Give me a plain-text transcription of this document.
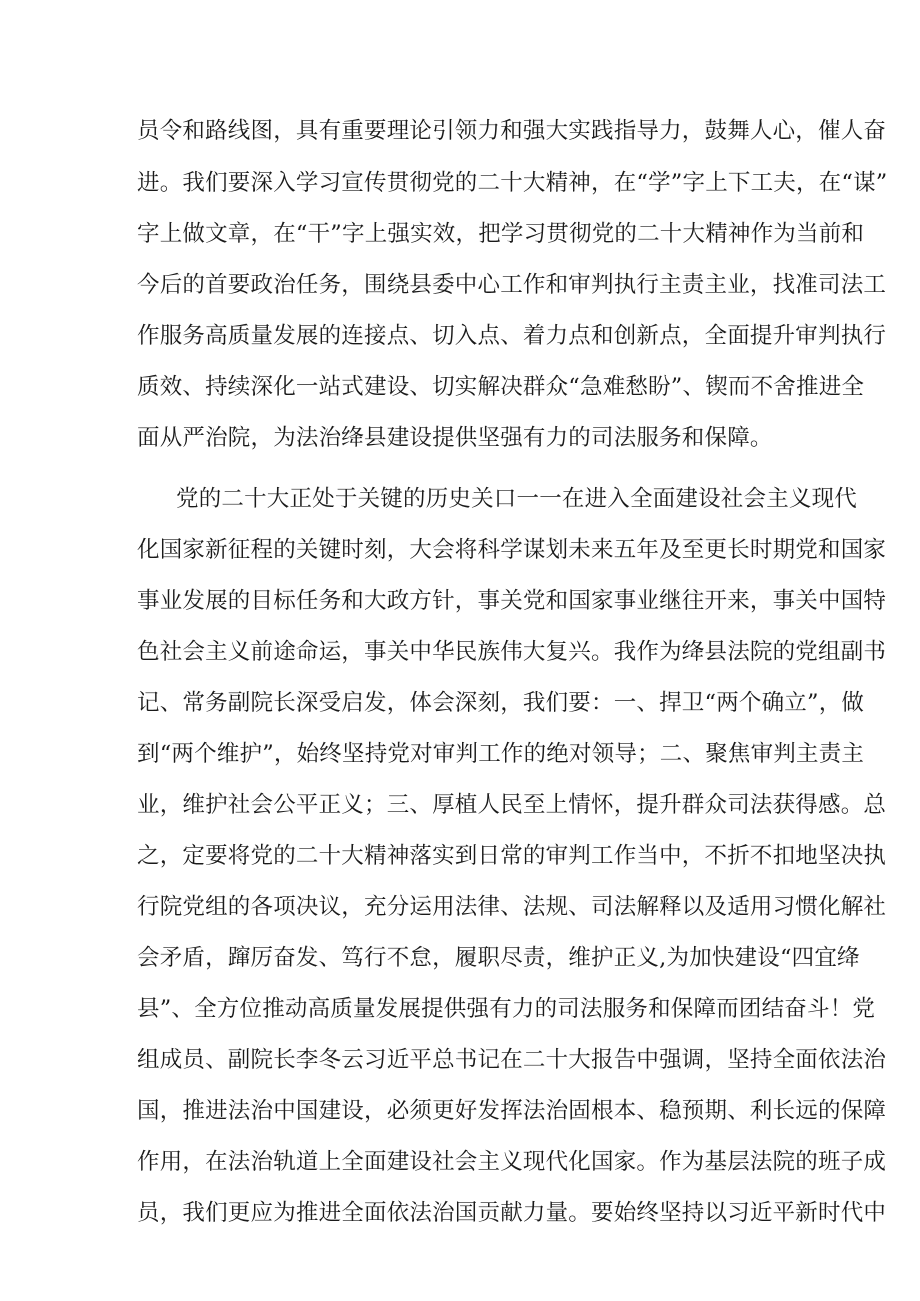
员令和路线图，具有重要理论引领力和强大实践指导力，鼓舞人心，催人奋
进。我们要深入学习宣传贯彻党的二十大精神，在“学”字上下工夫，在“谋”
字上做文章，在“干”字上强实效，把学习贯彻党的二十大精神作为当前和
今后的首要政治任务，围绕县委中心工作和审判执行主责主业，找准司法工
作服务高质量发展的连接点、切入点、着力点和创新点，全面提升审判执行
质效、持续深化一站式建设、切实解决群众“急难愁盼”、锲而不舍推进全
面从严治院，为法治绛县建设提供坚强有力的司法服务和保障。
党的二十大正处于关键的历史关口一一在进入全面建设社会主义现代
化国家新征程的关键时刻，大会将科学谋划未来五年及至更长时期党和国家
事业发展的目标任务和大政方针，事关党和国家事业继往开来，事关中国特
色社会主义前途命运，事关中华民族伟大复兴。我作为绛县法院的党组副书
记、常务副院长深受启发，体会深刻，我们要：一、捍卫“两个确立”，做
到“两个维护”，始终坚持党对审判工作的绝对领导；二、聚焦审判主责主
业，维护社会公平正义；三、厚植人民至上情怀，提升群众司法获得感。总
之，定要将党的二十大精神落实到日常的审判工作当中，不折不扣地坚决执
行院党组的各项决议，充分运用法律、法规、司法解释以及适用习惯化解社
会矛盾，蹿厉奋发、笃行不怠，履职尽责，维护正义,为加快建设“四宜绛
县”、全方位推动高质量发展提供强有力的司法服务和保障而团结奋斗！党
组成员、副院长李冬云习近平总书记在二十大报告中强调，坚持全面依法治
国，推进法治中国建设，必须更好发挥法治固根本、稳预期、利长远的保障
作用，在法治轨道上全面建设社会主义现代化国家。作为基层法院的班子成
员，我们更应为推进全面依法治国贡献力量。要始终坚持以习近平新时代中
